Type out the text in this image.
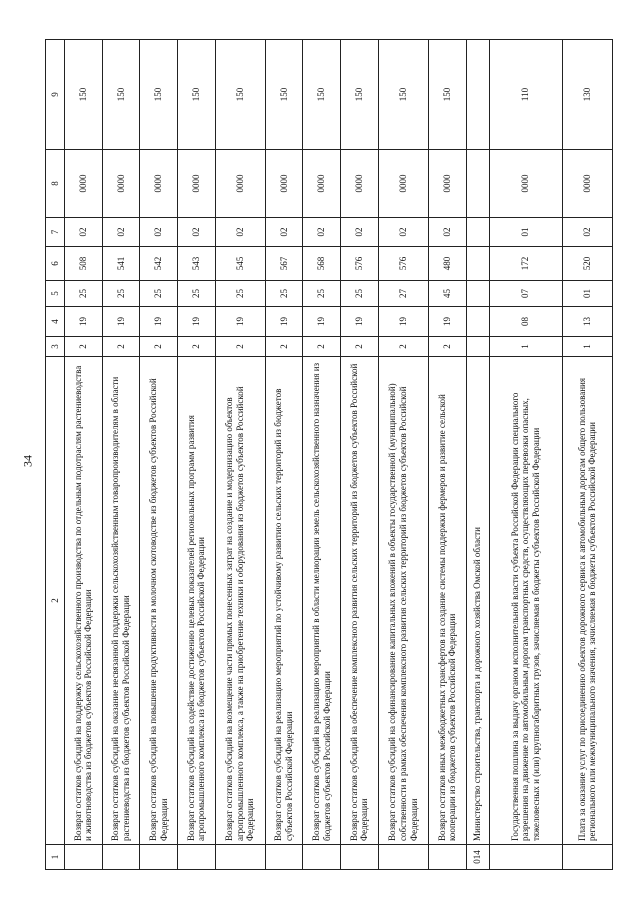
34
1	2	3	4	5	6	7	8	9
	Возврат остатков субсидий на поддержку сельскохозяйственного производства по отдельным подотраслям растениеводства и животноводства из бюджетов субъектов Российской Федерации	2	19	25	508	02	0000	150
	Возврат остатков субсидий на оказание несвязанной поддержки сельскохозяйственным товаропроизводителям в области растениеводства из бюджетов субъектов Российской Федерации	2	19	25	541	02	0000	150
	Возврат остатков субсидий на повышение продуктивности в молочном скотоводстве из бюджетов субъектов Российской Федерации	2	19	25	542	02	0000	150
	Возврат остатков субсидий на содействие достижению целевых показателей региональных программ развития агропромышленного комплекса из бюджетов субъектов Российской Федерации	2	19	25	543	02	0000	150
	Возврат остатков субсидий на возмещение части прямых понесенных затрат на создание и модернизацию объектов агропромышленного комплекса, а также на приобретение техники и оборудования из бюджетов субъектов Российской Федерации	2	19	25	545	02	0000	150
	Возврат остатков субсидий на реализацию мероприятий по устойчивому развитию сельских территорий из бюджетов субъектов Российской Федерации	2	19	25	567	02	0000	150
	Возврат остатков субсидий на реализацию мероприятий в области мелиорации земель сельскохозяйственного назначения из бюджетов субъектов Российской Федерации	2	19	25	568	02	0000	150
	Возврат остатков субсидий на обеспечение комплексного развития сельских территорий из бюджетов субъектов Российской Федерации	2	19	25	576	02	0000	150
	Возврат остатков субсидий на софинансирование капитальных вложений в объекты государственной (муниципальной) собственности в рамках обеспечения комплексного развития сельских территорий из бюджетов субъектов Российской Федерации	2	19	27	576	02	0000	150
	Возврат остатков иных межбюджетных трансфертов на создание системы поддержки фермеров и развитие сельской кооперации из бюджетов субъектов Российской Федерации	2	19	45	480	02	0000	150
014	Министерство строительства, транспорта и дорожного хозяйства Омской области							
	Государственная пошлина за выдачу органом исполнительной власти субъекта Российской Федерации специального разрешения на движение по автомобильным дорогам транспортных средств, осуществляющих перевозки опасных, тяжеловесных и (или) крупногабаритных грузов, зачисляемая в бюджеты субъектов Российской Федерации	1	08	07	172	01	0000	110
	Плата за оказание услуг по присоединению объектов дорожного сервиса к автомобильным дорогам общего пользования регионального или межмуниципального значения, зачисляемая в бюджеты субъектов Российской Федерации	1	13	01	520	02	0000	130
